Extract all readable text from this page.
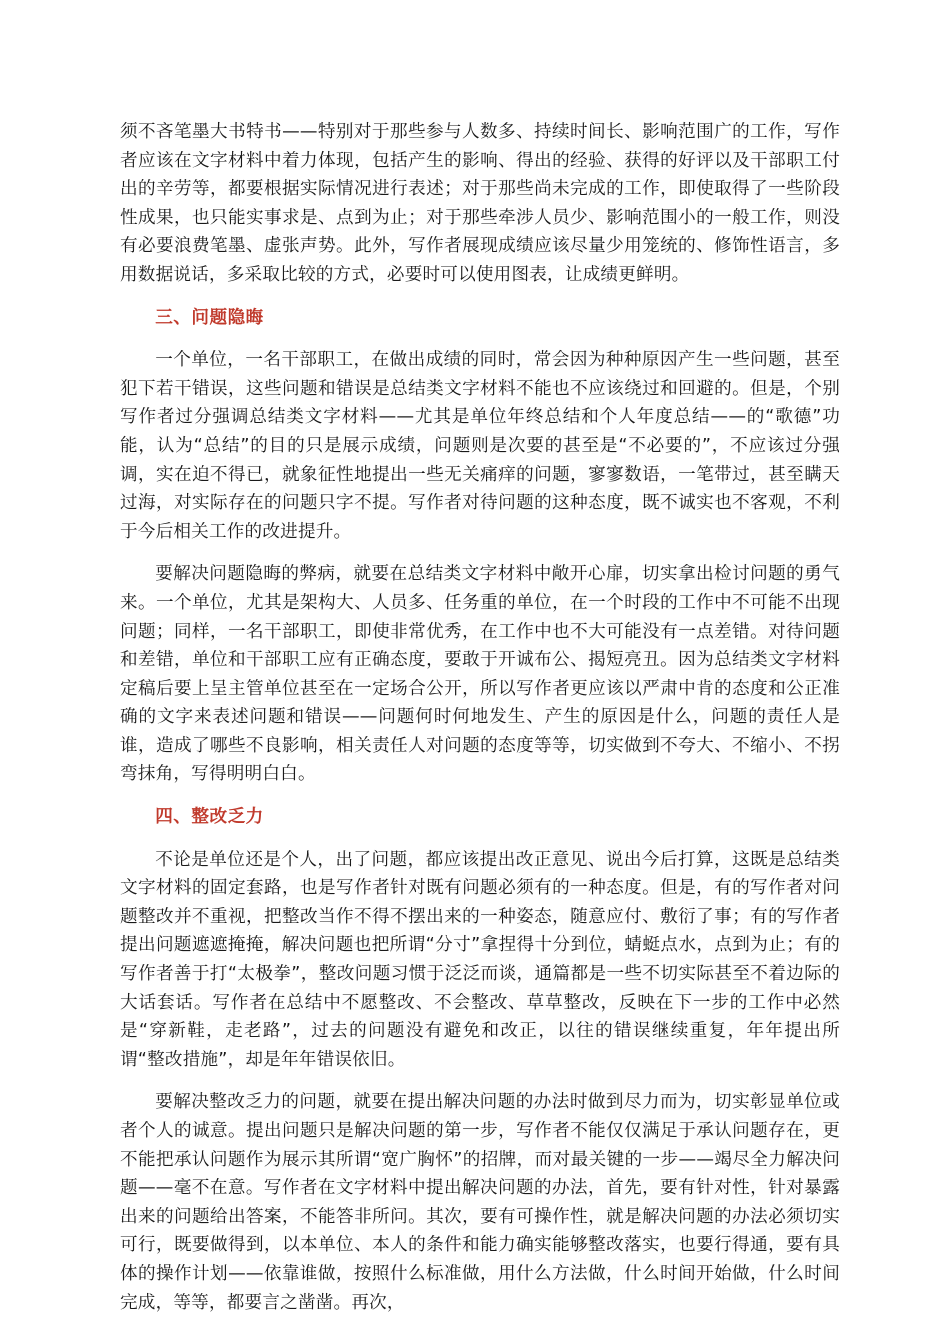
须不吝笔墨大书特书——特别对于那些参与人数多、持续时间长、影响范围广的工作，写作者应该在文字材料中着力体现，包括产生的影响、得出的经验、获得的好评以及干部职工付出的辛劳等，都要根据实际情况进行表述；对于那些尚未完成的工作，即使取得了一些阶段性成果，也只能实事求是、点到为止；对于那些牵涉人员少、影响范围小的一般工作，则没有必要浪费笔墨、虚张声势。此外，写作者展现成绩应该尽量少用笼统的、修饰性语言，多用数据说话，多采取比较的方式，必要时可以使用图表，让成绩更鲜明。

三、问题隐晦

一个单位，一名干部职工，在做出成绩的同时，常会因为种种原因产生一些问题，甚至犯下若干错误，这些问题和错误是总结类文字材料不能也不应该绕过和回避的。但是，个别写作者过分强调总结类文字材料——尤其是单位年终总结和个人年度总结——的“歌德”功能，认为“总结”的目的只是展示成绩，问题则是次要的甚至是“不必要的”，不应该过分强调，实在迫不得已，就象征性地提出一些无关痛痒的问题，寥寥数语，一笔带过，甚至瞒天过海，对实际存在的问题只字不提。写作者对待问题的这种态度，既不诚实也不客观，不利于今后相关工作的改进提升。

要解决问题隐晦的弊病，就要在总结类文字材料中敞开心扉，切实拿出检讨问题的勇气来。一个单位，尤其是架构大、人员多、任务重的单位，在一个时段的工作中不可能不出现问题；同样，一名干部职工，即使非常优秀，在工作中也不大可能没有一点差错。对待问题和差错，单位和干部职工应有正确态度，要敢于开诚布公、揭短亮丑。因为总结类文字材料定稿后要上呈主管单位甚至在一定场合公开，所以写作者更应该以严肃中肯的态度和公正准确的文字来表述问题和错误——问题何时何地发生、产生的原因是什么，问题的责任人是谁，造成了哪些不良影响，相关责任人对问题的态度等等，切实做到不夸大、不缩小、不拐弯抹角，写得明明白白。

四、整改乏力

不论是单位还是个人，出了问题，都应该提出改正意见、说出今后打算，这既是总结类文字材料的固定套路，也是写作者针对既有问题必须有的一种态度。但是，有的写作者对问题整改并不重视，把整改当作不得不摆出来的一种姿态，随意应付、敷衍了事；有的写作者提出问题遮遮掩掩，解决问题也把所谓“分寸”拿捏得十分到位，蜻蜓点水，点到为止；有的写作者善于打“太极拳”，整改问题习惯于泛泛而谈，通篇都是一些不切实际甚至不着边际的大话套话。写作者在总结中不愿整改、不会整改、草草整改，反映在下一步的工作中必然是“穿新鞋，走老路”，过去的问题没有避免和改正，以往的错误继续重复，年年提出所谓“整改措施”，却是年年错误依旧。

要解决整改乏力的问题，就要在提出解决问题的办法时做到尽力而为，切实彰显单位或者个人的诚意。提出问题只是解决问题的第一步，写作者不能仅仅满足于承认问题存在，更不能把承认问题作为展示其所谓“宽广胸怀”的招牌，而对最关键的一步——竭尽全力解决问题——毫不在意。写作者在文字材料中提出解决问题的办法，首先，要有针对性，针对暴露出来的问题给出答案，不能答非所问。其次，要有可操作性，就是解决问题的办法必须切实可行，既要做得到，以本单位、本人的条件和能力确实能够整改落实，也要行得通，要有具体的操作计划——依靠谁做，按照什么标准做，用什么方法做，什么时间开始做，什么时间完成，等等，都要言之凿凿。再次，
